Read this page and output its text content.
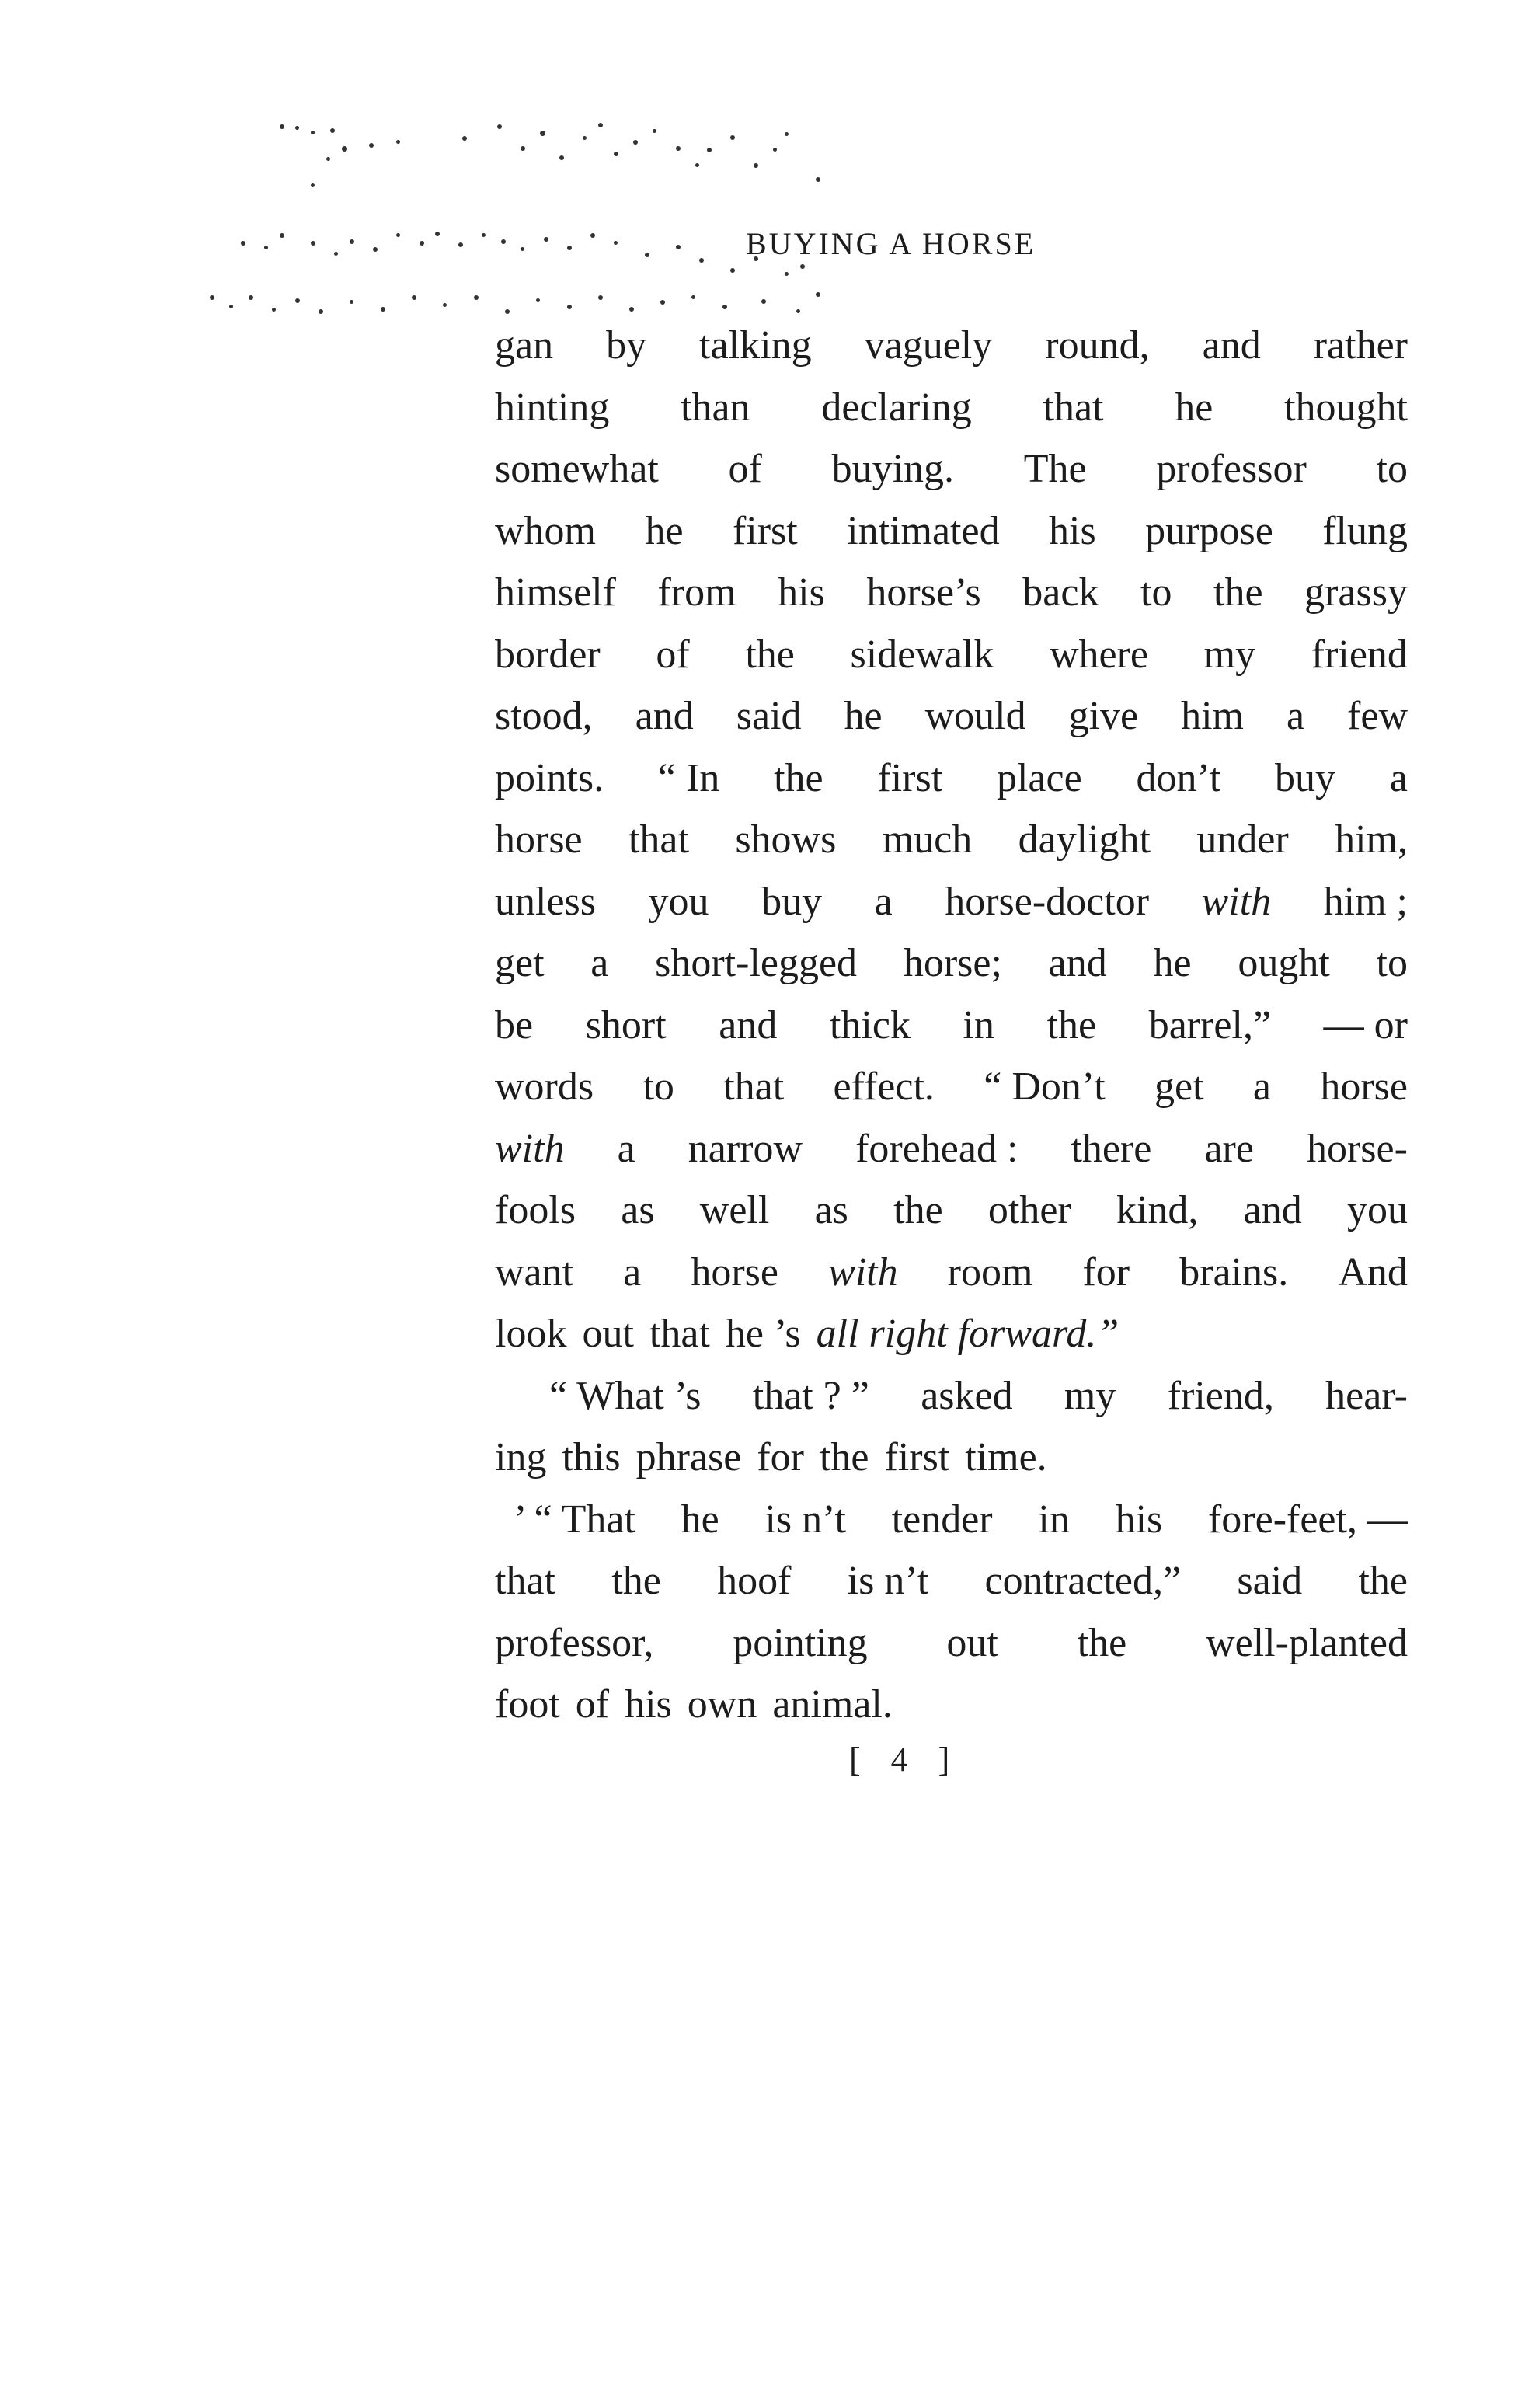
BUYING A HORSE
gan by talking vaguely round, and rather
hinting than declaring that he thought
somewhat of buying. The professor to
whom he first intimated his purpose flung
himself from his horse’s back to the grassy
border of the sidewalk where my friend
stood, and said he would give him a few
points. “ In the first place don’t buy a
horse that shows much daylight under him,
unless you buy a horse-doctor with him ;
get a short-legged horse; and he ought to
be short and thick in the barrel,” — or
words to that effect. “ Don’t get a horse
with a narrow forehead : there are horse-
fools as well as the other kind, and you
want a horse with room for brains. And
look out that he ’s all right forward.”
“ What ’s that ? ” asked my friend, hear-
ing this phrase for the first time.
’ “ That he is n’t tender in his fore-feet, —
that the hoof is n’t contracted,” said the
professor, pointing out the well-planted
foot of his own animal.
[ 4 ]
